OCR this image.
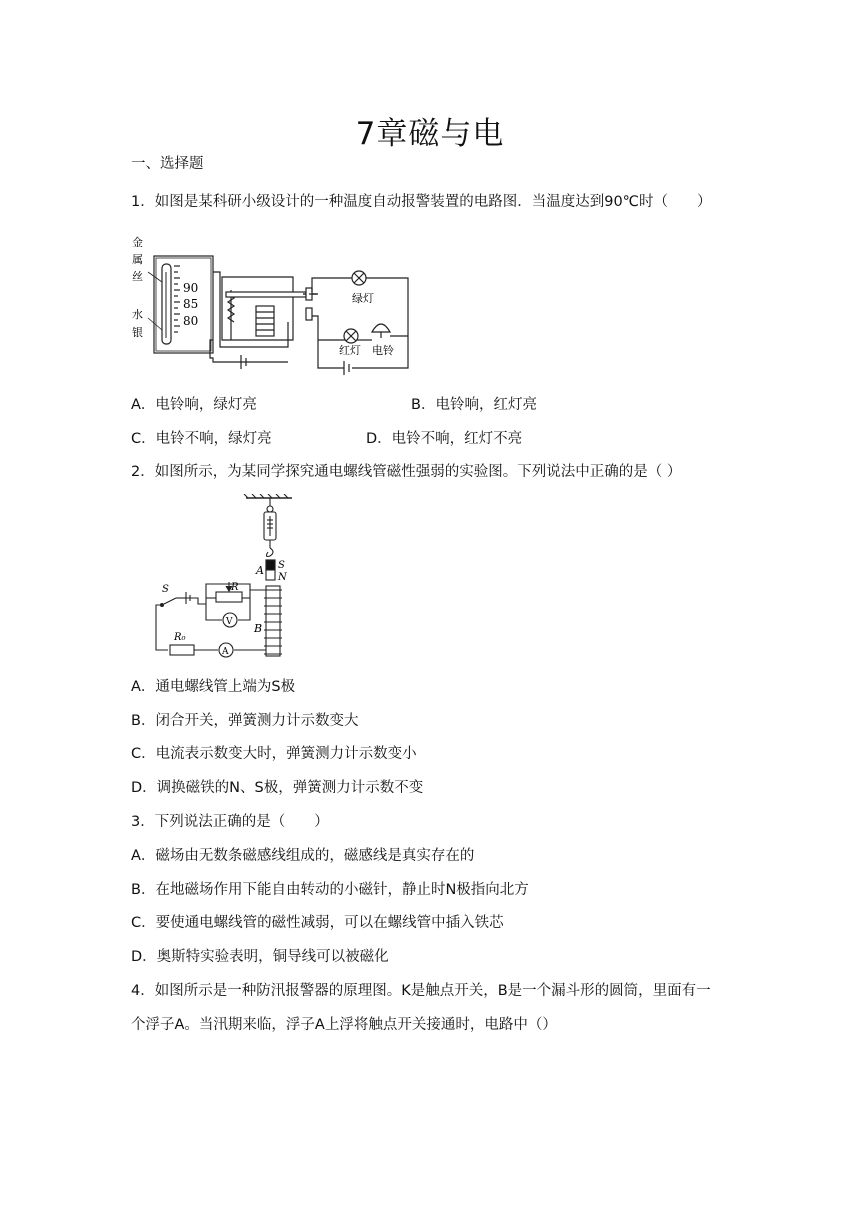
7章磁与电
一、选择题
1．如图是某科研小级设计的一种温度自动报警装置的电路图．当温度达到90℃时（　　）
金
属
丝
水
银
90
85
80
绿灯
红灯 电铃
A．电铃响，绿灯亮	B．电铃响，红灯亮
C．电铃不响，绿灯亮	D．电铃不响，红灯不亮
2．如图所示，为某同学探究通电螺线管磁性强弱的实验图。下列说法中正确的是（ ）
A S
N
R
V
S
B
R₀
A
A．通电螺线管上端为S极
B．闭合开关，弹簧测力计示数变大
C．电流表示数变大时，弹簧测力计示数变小
D．调换磁铁的N、S极，弹簧测力计示数不变
3．下列说法正确的是（　　）
A．磁场由无数条磁感线组成的，磁感线是真实存在的
B．在地磁场作用下能自由转动的小磁针，静止时N极指向北方
C．要使通电螺线管的磁性减弱，可以在螺线管中插入铁芯
D．奥斯特实验表明，铜导线可以被磁化
4．如图所示是一种防汛报警器的原理图。K是触点开关，B是一个漏斗形的圆筒，里面有一
个浮子A。当汛期来临，浮子A上浮将触点开关接通时，电路中（）
